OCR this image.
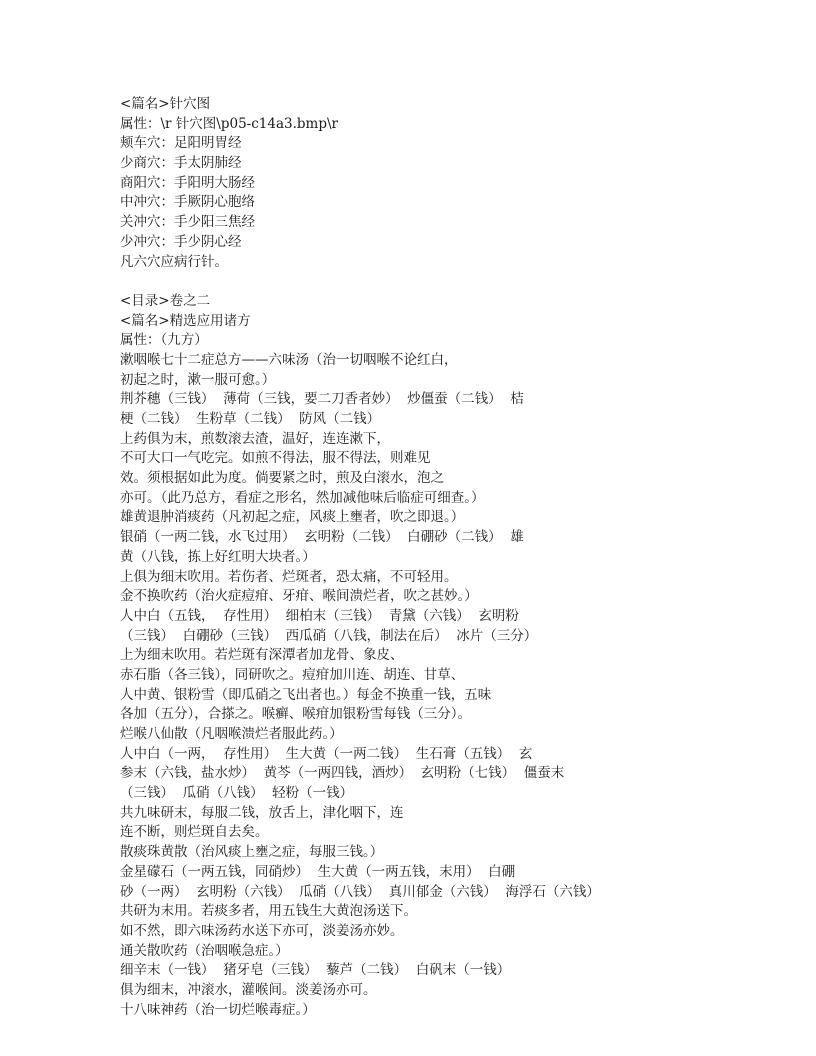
<篇名>针穴图
属性：\r 针穴图\p05-c14a3.bmp\r
颊车穴：足阳明胃经
少商穴：手太阴肺经
商阳穴：手阳明大肠经
中冲穴：手厥阴心胞络
关冲穴：手少阳三焦经
少冲穴：手少阴心经
凡六穴应病行针。
<目录>卷之二
<篇名>精选应用诸方
属性：（九方）
漱咽喉七十二症总方——六味汤（治一切咽喉不论红白，
初起之时，漱一服可愈。）
荆芥穗（三钱）  薄荷（三钱，要二刀香者妙）  炒僵蚕（二钱）  桔
梗（二钱）  生粉草（二钱）  防风（二钱）
上药俱为末，煎数滚去渣，温好，连连漱下，
不可大口一气吃完。如煎不得法，服不得法，则难见
效。须根据如此为度。倘要紧之时，煎及白滚水，泡之
亦可。（此乃总方，看症之形名，然加减他味后临症可细查。）
雄黄退肿消痰药（凡初起之症，风痰上壅者，吹之即退。）
银硝（一两二钱，水飞过用）  玄明粉（二钱）  白硼砂（二钱）  雄
黄（八钱，拣上好红明大块者。）
上俱为细末吹用。若伤者、烂斑者，恐太痛，不可轻用。
金不换吹药（治火症痘疳、牙疳、喉间溃烂者，吹之甚妙。）
人中白（五钱，  存性用）  细柏末（三钱）  青黛（六钱）  玄明粉
（三钱）  白硼砂（三钱）  西瓜硝（八钱，制法在后）  冰片（三分）
上为细末吹用。若烂斑有深潭者加龙骨、象皮、
赤石脂（各三钱），同研吹之。痘疳加川连、胡连、甘草、
人中黄、银粉雪（即瓜硝之飞出者也。）每金不换重一钱，五味
各加（五分），合搽之。喉癣、喉疳加银粉雪每钱（三分）。
烂喉八仙散（凡咽喉溃烂者服此药。）
人中白（一两，  存性用）  生大黄（一两二钱）  生石膏（五钱）  玄
参末（六钱，盐水炒）  黄芩（一两四钱，酒炒）  玄明粉（七钱）  僵蚕末
（三钱）  瓜硝（八钱）  轻粉（一钱）
共九味研末，每服二钱，放舌上，津化咽下，连
连不断，则烂斑自去矣。
散痰珠黄散（治风痰上壅之症，每服三钱。）
金星礞石（一两五钱，同硝炒）  生大黄（一两五钱，末用）  白硼
砂（一两）  玄明粉（六钱）  瓜硝（八钱）  真川郁金（六钱）  海浮石（六钱）
共研为末用。若痰多者，用五钱生大黄泡汤送下。
如不然，即六味汤药水送下亦可，淡姜汤亦妙。
通关散吹药（治咽喉急症。）
细辛末（一钱）  猪牙皂（三钱）  藜芦（二钱）  白矾末（一钱）
俱为细末，冲滚水，灌喉间。淡姜汤亦可。
十八味神药（治一切烂喉毒症。）
